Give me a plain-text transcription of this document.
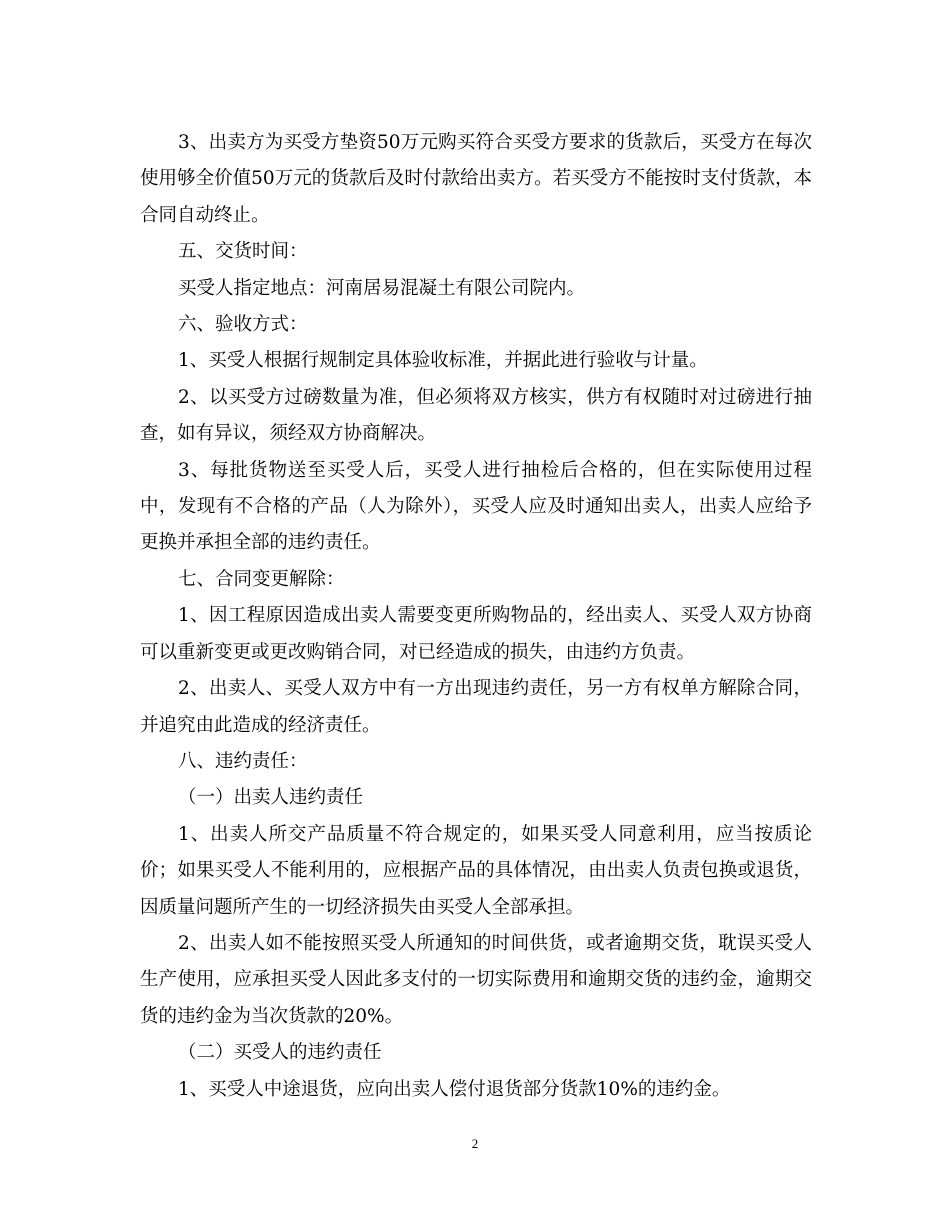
3、出卖方为买受方垫资50万元购买符合买受方要求的货款后，买受方在每次使用够全价值50万元的货款后及时付款给出卖方。若买受方不能按时支付货款，本合同自动终止。

五、交货时间：

买受人指定地点：河南居易混凝土有限公司院内。

六、验收方式：

1、买受人根据行规制定具体验收标准，并据此进行验收与计量。

2、以买受方过磅数量为准，但必须将双方核实，供方有权随时对过磅进行抽查，如有异议，须经双方协商解决。

3、每批货物送至买受人后，买受人进行抽检后合格的，但在实际使用过程中，发现有不合格的产品（人为除外），买受人应及时通知出卖人，出卖人应给予更换并承担全部的违约责任。

七、合同变更解除：

1、因工程原因造成出卖人需要变更所购物品的，经出卖人、买受人双方协商可以重新变更或更改购销合同，对已经造成的损失，由违约方负责。

2、出卖人、买受人双方中有一方出现违约责任，另一方有权单方解除合同，并追究由此造成的经济责任。

八、违约责任：

（一）出卖人违约责任

1、出卖人所交产品质量不符合规定的，如果买受人同意利用，应当按质论价；如果买受人不能利用的，应根据产品的具体情况，由出卖人负责包换或退货，因质量问题所产生的一切经济损失由买受人全部承担。

2、出卖人如不能按照买受人所通知的时间供货，或者逾期交货，耽误买受人生产使用，应承担买受人因此多支付的一切实际费用和逾期交货的违约金，逾期交货的违约金为当次货款的20%。

（二）买受人的违约责任

1、买受人中途退货，应向出卖人偿付退货部分货款10%的违约金。

2
